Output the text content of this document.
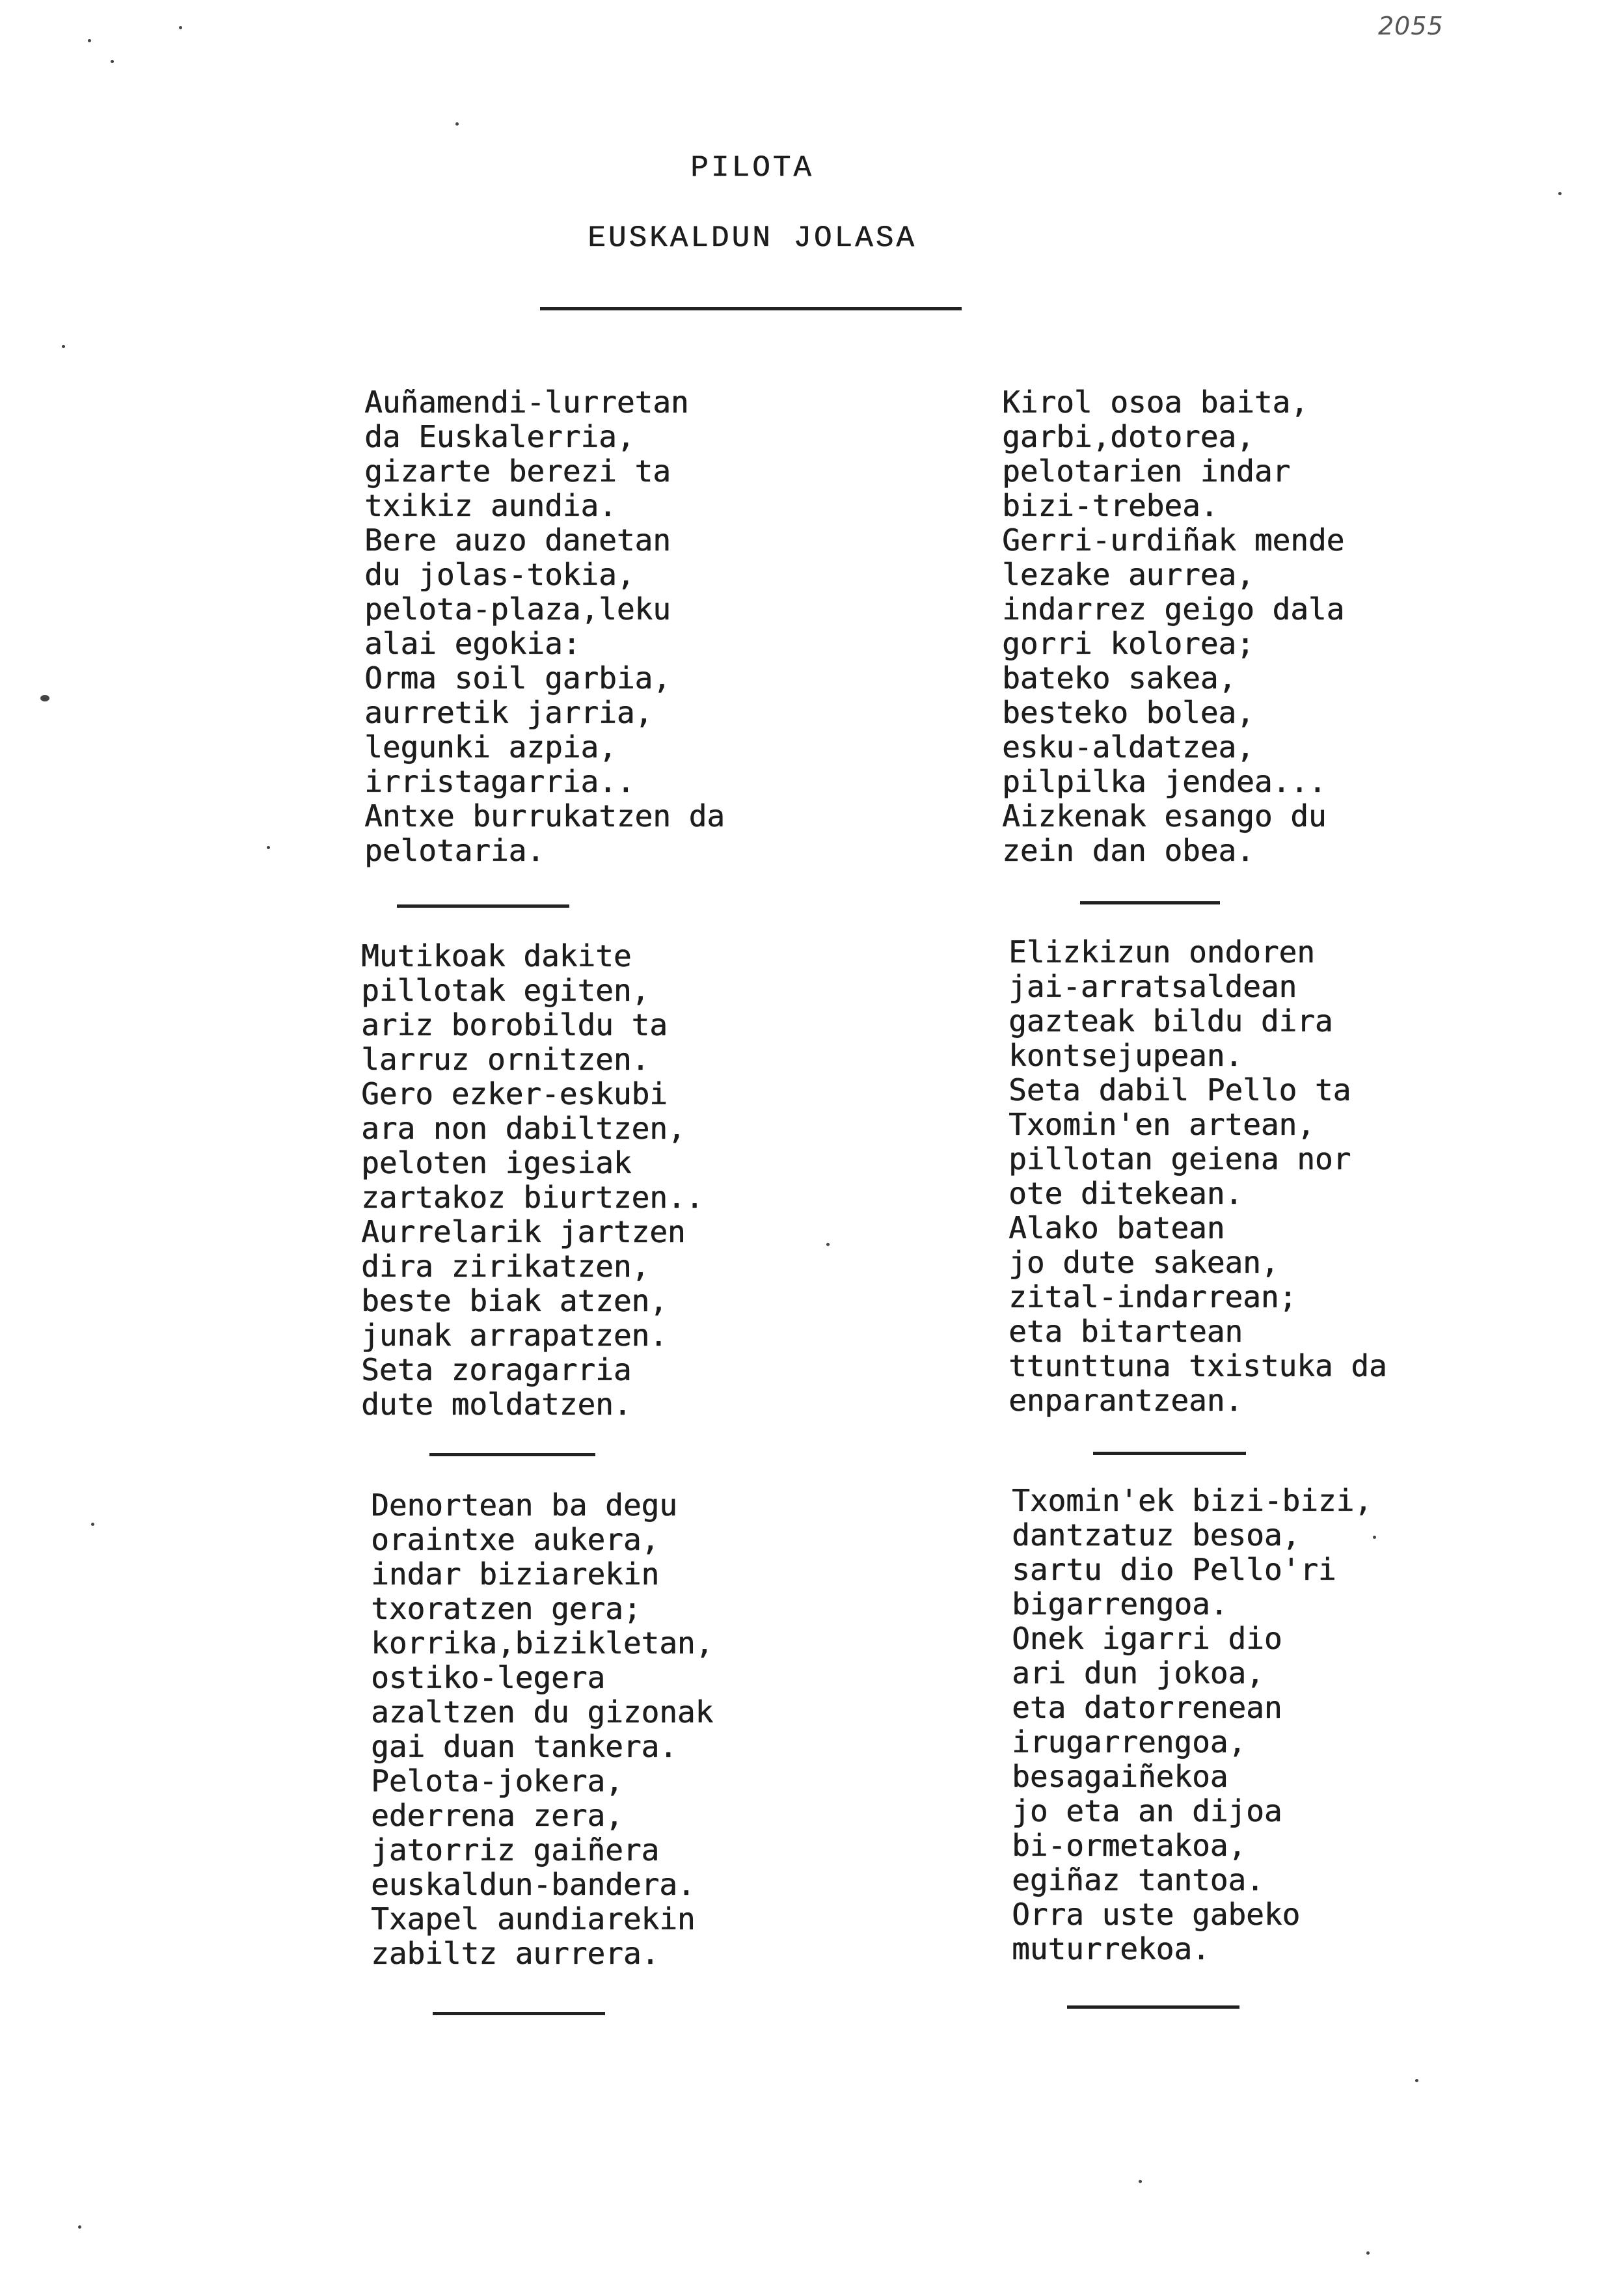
2055
PILOTA
EUSKALDUN JOLASA
Auñamendi-lurretan
da Euskalerria,
gizarte berezi ta
txikiz aundia.
Bere auzo danetan
du jolas-tokia,
pelota-plaza,leku
alai egokia:
Orma soil garbia,
aurretik jarria,
legunki azpia,
irristagarria..
Antxe burrukatzen da
pelotaria.
Mutikoak dakite
pillotak egiten,
ariz borobildu ta
larruz ornitzen.
Gero ezker-eskubi
ara non dabiltzen,
peloten igesiak
zartakoz biurtzen..
Aurrelarik jartzen
dira zirikatzen,
beste biak atzen,
junak arrapatzen.
Seta zoragarria
dute moldatzen.
Denortean ba degu
oraintxe aukera,
indar biziarekin
txoratzen gera;
korrika,bizikletan,
ostiko-legera
azaltzen du gizonak
gai duan tankera.
Pelota-jokera,
ederrena zera,
jatorriz gaiñera
euskaldun-bandera.
Txapel aundiarekin
zabiltz aurrera.
Kirol osoa baita,
garbi,dotorea,
pelotarien indar
bizi-trebea.
Gerri-urdiñak mende
lezake aurrea,
indarrez geigo dala
gorri kolorea;
bateko sakea,
besteko bolea,
esku-aldatzea,
pilpilka jendea...
Aizkenak esango du
zein dan obea.
Elizkizun ondoren
jai-arratsaldean
gazteak bildu dira
kontsejupean.
Seta dabil Pello ta
Txomin'en artean,
pillotan geiena nor
ote ditekean.
Alako batean
jo dute sakean,
zital-indarrean;
eta bitartean
ttunttuna txistuka da
enparantzean.
Txomin'ek bizi-bizi,
dantzatuz besoa,
sartu dio Pello'ri
bigarrengoa.
Onek igarri dio
ari dun jokoa,
eta datorrenean
irugarrengoa,
besagaiñekoa
jo eta an dijoa
bi-ormetakoa,
egiñaz tantoa.
Orra uste gabeko
muturrekoa.
